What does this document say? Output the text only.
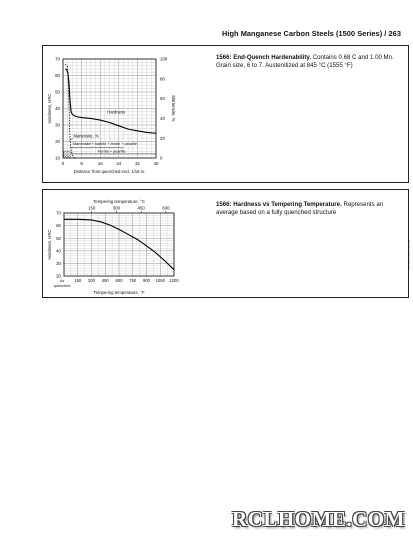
High Manganese Carbon Steels (1500 Series) / 263
10
20
30
40
50
60
70
0
20
40
60
80
100
0	8	16	24	32	40
Hardness, HRC	Martensite, %
Distance from quenched end, 1/16 in.
Hardness
Martensite, %
Martensite + bainite + ferrite + pearlite
Ferrite + pearlite
1566: End-Quench Hardenability. Contains 0.68 C and 1.00 Mn. Grain size, 6 to 7. Austenitized at 845 °C (1555 °F)
20
30
40
50
60
70
As
quenched
150 300 450 600 750 900 1050 1200
150	300	450	600
Hardness, HRC
Tempering temperature, °F
Tempering temperature, °C	1566: Hardness vs Tempering Temperature. Represents an average based on a fully quenched structure
RCLHOME.COM
